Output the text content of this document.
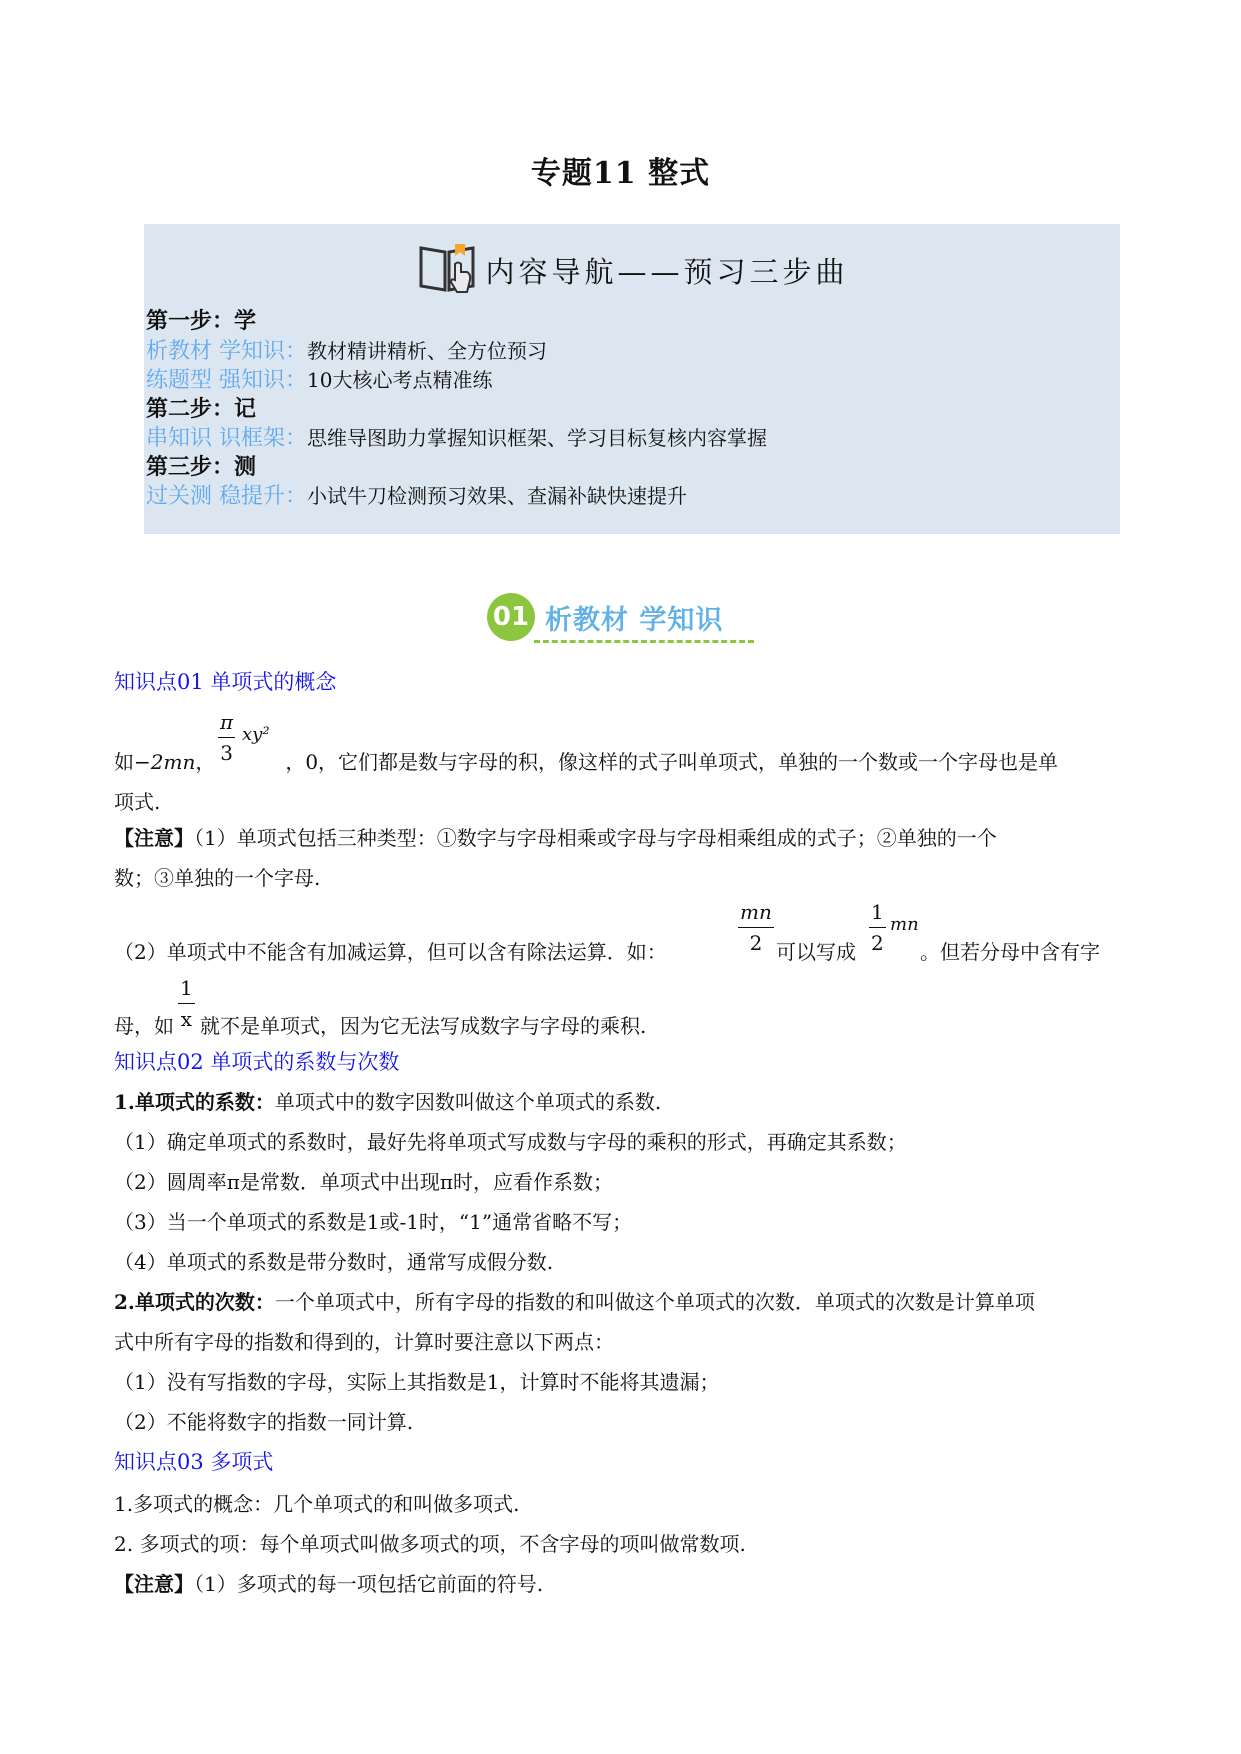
专题11 整式
内容导航——预习三步曲
第一步：学
析教材 学知识：教材精讲精析、全方位预习
练题型 强知识：10大核心考点精准练
第二步：记
串知识 识框架：思维导图助力掌握知识框架、学习目标复核内容掌握
第三步：测
过关测 稳提升：小试牛刀检测预习效果、查漏补缺快速提升
01 析教材 学知识
知识点01 单项式的概念
$\frac{\pi}{3} xy^2$
如−2mn，	，0，它们都是数与字母的积，像这样的式子叫单项式，单独的一个数或一个字母也是单
项式.
【注意】（1）单项式包括三种类型：①数字与字母相乘或字母与字母相乘组成的式子；②单独的一个
数；③单独的一个字母.
$\frac{mn}{2}$	$\frac{1}{2}$ mn
（2）单项式中不能含有加减运算，但可以含有除法运算．如：	可以写成	。但若分母中含有字
$\frac{1}{x}$
母，如 就不是单项式，因为它无法写成数字与字母的乘积.
知识点02 单项式的系数与次数
1.单项式的系数：单项式中的数字因数叫做这个单项式的系数.
（1）确定单项式的系数时，最好先将单项式写成数与字母的乘积的形式，再确定其系数；
（2）圆周率π是常数．单项式中出现π时，应看作系数；
（3）当一个单项式的系数是1或-1时，“1”通常省略不写；
（4）单项式的系数是带分数时，通常写成假分数.
2.单项式的次数：一个单项式中，所有字母的指数的和叫做这个单项式的次数．单项式的次数是计算单项
式中所有字母的指数和得到的，计算时要注意以下两点：
（1）没有写指数的字母，实际上其指数是1，计算时不能将其遗漏；
（2）不能将数字的指数一同计算.
知识点03 多项式
1.多项式的概念：几个单项式的和叫做多项式.
2. 多项式的项：每个单项式叫做多项式的项，不含字母的项叫做常数项.
【注意】（1）多项式的每一项包括它前面的符号.
